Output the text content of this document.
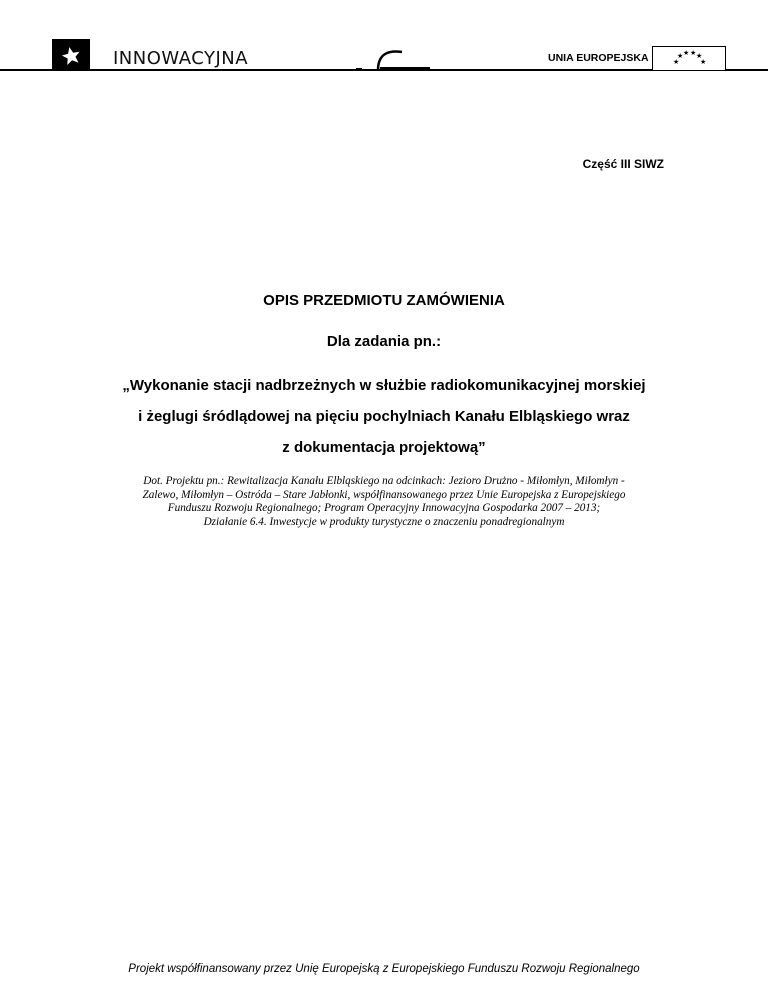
INNOWACYJNA	UNIA EUROPEJSKA	★ ★ ★ ★
★	★
Część III SIWZ
OPIS PRZEDMIOTU ZAMÓWIENIA
Dla zadania pn.:
„Wykonanie stacji nadbrzeżnych w służbie radiokomunikacyjnej morskiej
i żeglugi śródlądowej na pięciu pochylniach Kanału Elbląskiego wraz
z dokumentacja projektową”
Dot. Projektu pn.: Rewitalizacja Kanału Elbląskiego na odcinkach: Jezioro Drużno - Miłomłyn, Miłomłyn -
Zalewo, Miłomłyn – Ostróda – Stare Jabłonki, współfinansowanego przez Unie Europejska z Europejskiego
Funduszu Rozwoju Regionalnego; Program Operacyjny Innowacyjna Gospodarka 2007 – 2013;
Działanie 6.4. Inwestycje w produkty turystyczne o znaczeniu ponadregionalnym
Projekt współfinansowany przez Unię Europejską z Europejskiego Funduszu Rozwoju Regionalnego
